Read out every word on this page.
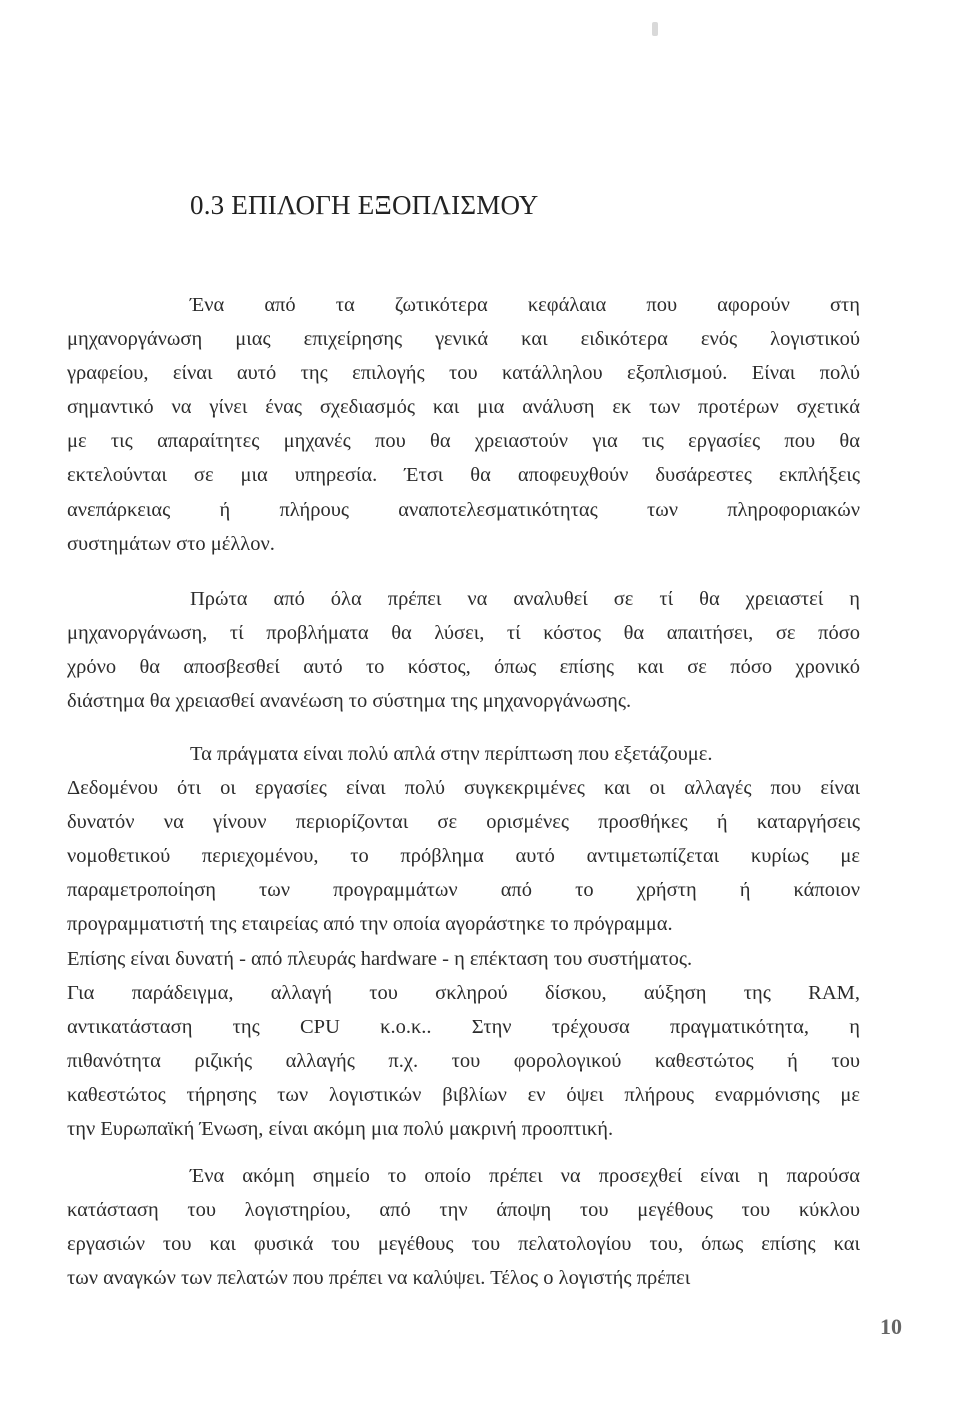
0.3 ΕΠΙΛΟΓΗ ΕΞΟΠΛΙΣΜΟΥ
Ένα από τα ζωτικότερα κεφάλαια που αφορούν στη
μηχανοργάνωση μιας επιχείρησης γενικά και ειδικότερα ενός λογιστικού
γραφείου, είναι αυτό της επιλογής του κατάλληλου εξοπλισμού. Είναι πολύ
σημαντικό να γίνει ένας σχεδιασμός και μια ανάλυση εκ των προτέρων σχετικά
με τις απαραίτητες μηχανές που θα χρειαστούν για τις εργασίες που θα
εκτελούνται σε μια υπηρεσία. Έτσι θα αποφευχθούν δυσάρεστες εκπλήξεις
ανεπάρκειας ή πλήρους αναποτελεσματικότητας των πληροφοριακών
συστημάτων στο μέλλον.
Πρώτα από όλα πρέπει να αναλυθεί σε τί θα χρειαστεί η
μηχανοργάνωση, τί προβλήματα θα λύσει, τί κόστος θα απαιτήσει, σε πόσο
χρόνο θα αποσβεσθεί αυτό το κόστος, όπως επίσης και σε πόσο χρονικό
διάστημα θα χρειασθεί ανανέωση το σύστημα της μηχανοργάνωσης.
Τα πράγματα είναι πολύ απλά στην περίπτωση που εξετάζουμε.
Δεδομένου ότι οι εργασίες είναι πολύ συγκεκριμένες και οι αλλαγές που είναι
δυνατόν να γίνουν περιορίζονται σε ορισμένες προσθήκες ή καταργήσεις
νομοθετικού περιεχομένου, το πρόβλημα αυτό αντιμετωπίζεται κυρίως με
παραμετροποίηση των προγραμμάτων από το χρήστη ή κάποιον
προγραμματιστή της εταιρείας από την οποία αγοράστηκε το πρόγραμμα.
Επίσης είναι δυνατή - από πλευράς hardware - η επέκταση του συστήματος.
Για παράδειγμα, αλλαγή του σκληρού δίσκου, αύξηση της RAM,
αντικατάσταση της CPU κ.ο.κ.. Στην τρέχουσα πραγματικότητα, η
πιθανότητα ριζικής αλλαγής π.χ. του φορολογικού καθεστώτος ή του
καθεστώτος τήρησης των λογιστικών βιβλίων εν όψει πλήρους εναρμόνισης με
την Ευρωπαϊκή Ένωση, είναι ακόμη μια πολύ μακρινή προοπτική.
Ένα ακόμη σημείο το οποίο πρέπει να προσεχθεί είναι η παρούσα
κατάσταση του λογιστηρίου, από την άποψη του μεγέθους του κύκλου
εργασιών του και φυσικά του μεγέθους του πελατολογίου του, όπως επίσης και
των αναγκών των πελατών που πρέπει να καλύψει. Τέλος ο λογιστής πρέπει
10
